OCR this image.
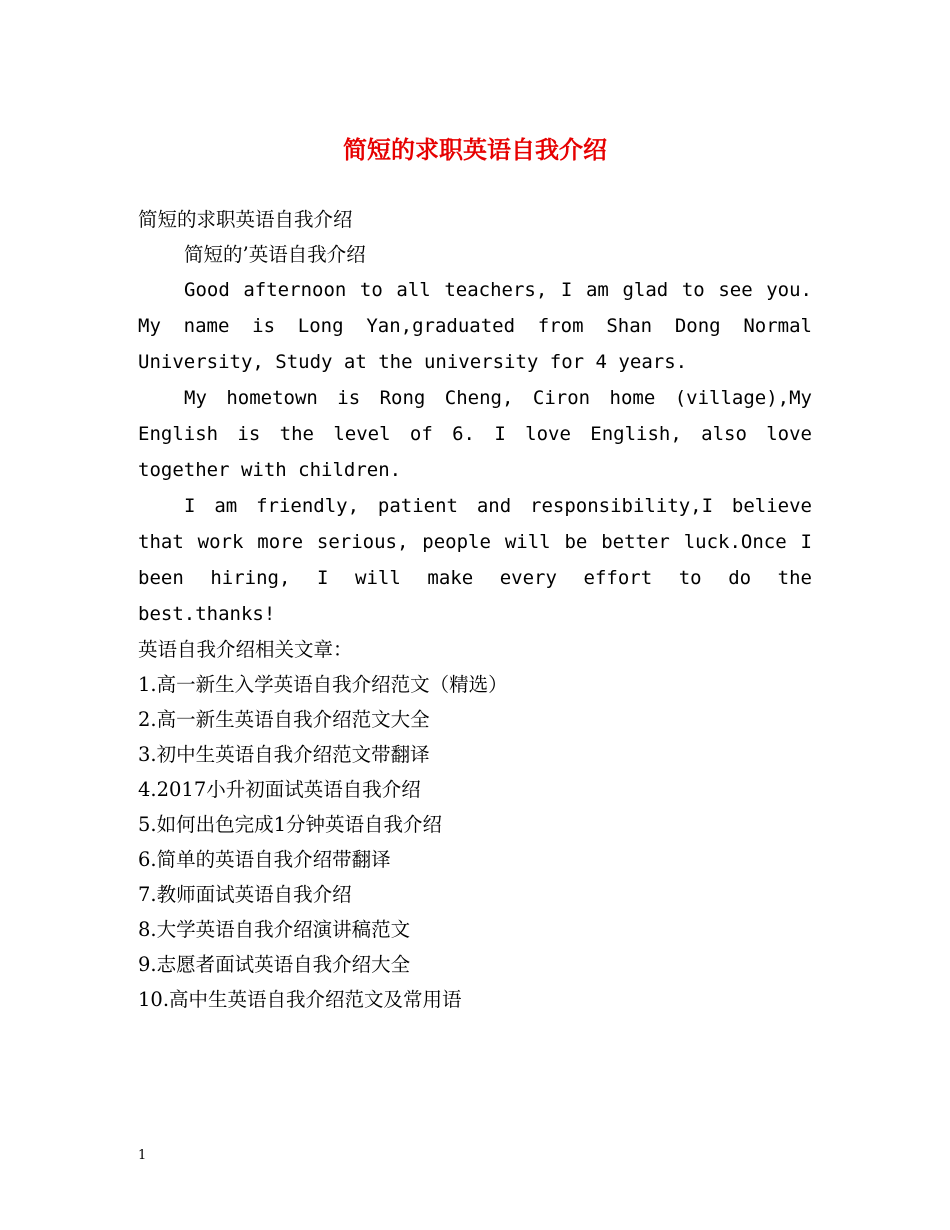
简短的求职英语自我介绍
简短的求职英语自我介绍
简短的’英语自我介绍

Good afternoon to all teachers, I am glad to see you. My name is Long Yan,graduated from Shan Dong Normal University, Study at the university for 4 years.

My hometown is Rong Cheng, Ciron home (village),My English is the level of 6. I love English, also love together with children.

I am friendly, patient and responsibility,I believe that work more serious, people will be better luck.Once I been hiring, I will make every effort to do the best.thanks!

英语自我介绍相关文章：
1.高一新生入学英语自我介绍范文（精选）
2.高一新生英语自我介绍范文大全
3.初中生英语自我介绍范文带翻译
4.2017小升初面试英语自我介绍
5.如何出色完成1分钟英语自我介绍
6.简单的英语自我介绍带翻译
7.教师面试英语自我介绍
8.大学英语自我介绍演讲稿范文
9.志愿者面试英语自我介绍大全
10.高中生英语自我介绍范文及常用语
1
